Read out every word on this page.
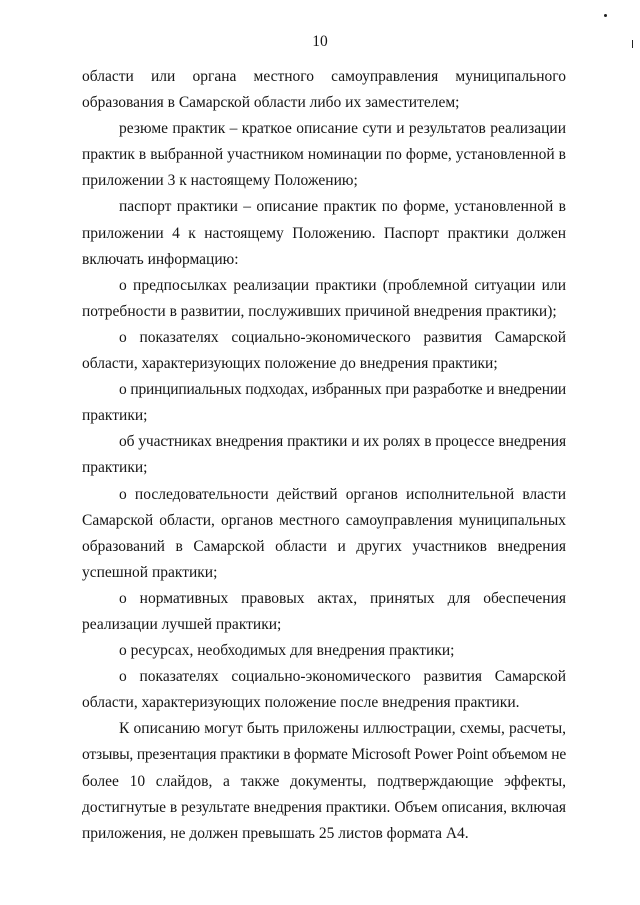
10
области или органа местного самоуправления муниципального
образования в Самарской области либо их заместителем;
резюме практик – краткое описание сути и результатов реализации
практик в выбранной участником номинации по форме, установленной в
приложении 3 к настоящему Положению;
паспорт практики – описание практик по форме, установленной в
приложении 4 к настоящему Положению. Паспорт практики должен
включать информацию:
о предпосылках реализации практики (проблемной ситуации или
потребности в развитии, послуживших причиной внедрения практики);
о показателях социально-экономического развития Самарской
области, характеризующих положение до внедрения практики;
о принципиальных подходах, избранных при разработке и внедрении
практики;
об участниках внедрения практики и их ролях в процессе внедрения
практики;
о последовательности действий органов исполнительной власти
Самарской области, органов местного самоуправления муниципальных
образований в Самарской области и других участников внедрения
успешной практики;
о нормативных правовых актах, принятых для обеспечения
реализации лучшей практики;
о ресурсах, необходимых для внедрения практики;
о показателях социально-экономического развития Самарской
области, характеризующих положение после внедрения практики.
К описанию могут быть приложены иллюстрации, схемы, расчеты,
отзывы, презентация практики в формате Microsoft Power Point объемом не
более 10 слайдов, а также документы, подтверждающие эффекты,
достигнутые в результате внедрения практики. Объем описания, включая
приложения, не должен превышать 25 листов формата А4.
